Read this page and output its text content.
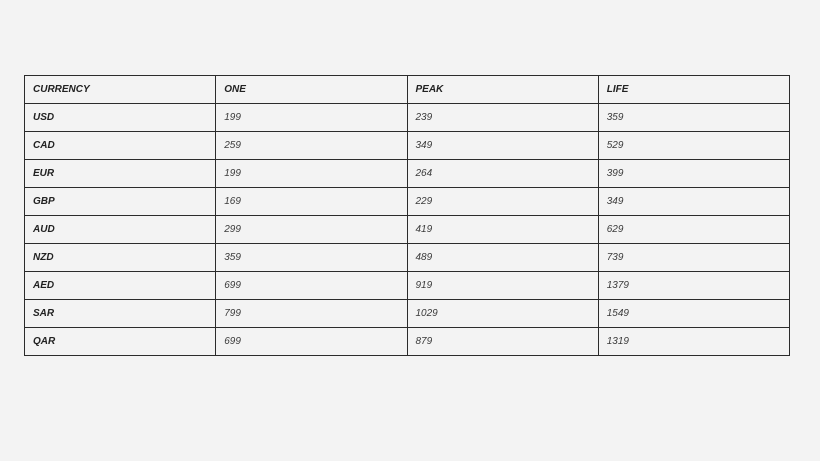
CURRENCY	ONE	PEAK	LIFE
USD	199	239	359
CAD	259	349	529
EUR	199	264	399
GBP	169	229	349
AUD	299	419	629
NZD	359	489	739
AED	699	919	1379
SAR	799	1029	1549
QAR	699	879	1319
